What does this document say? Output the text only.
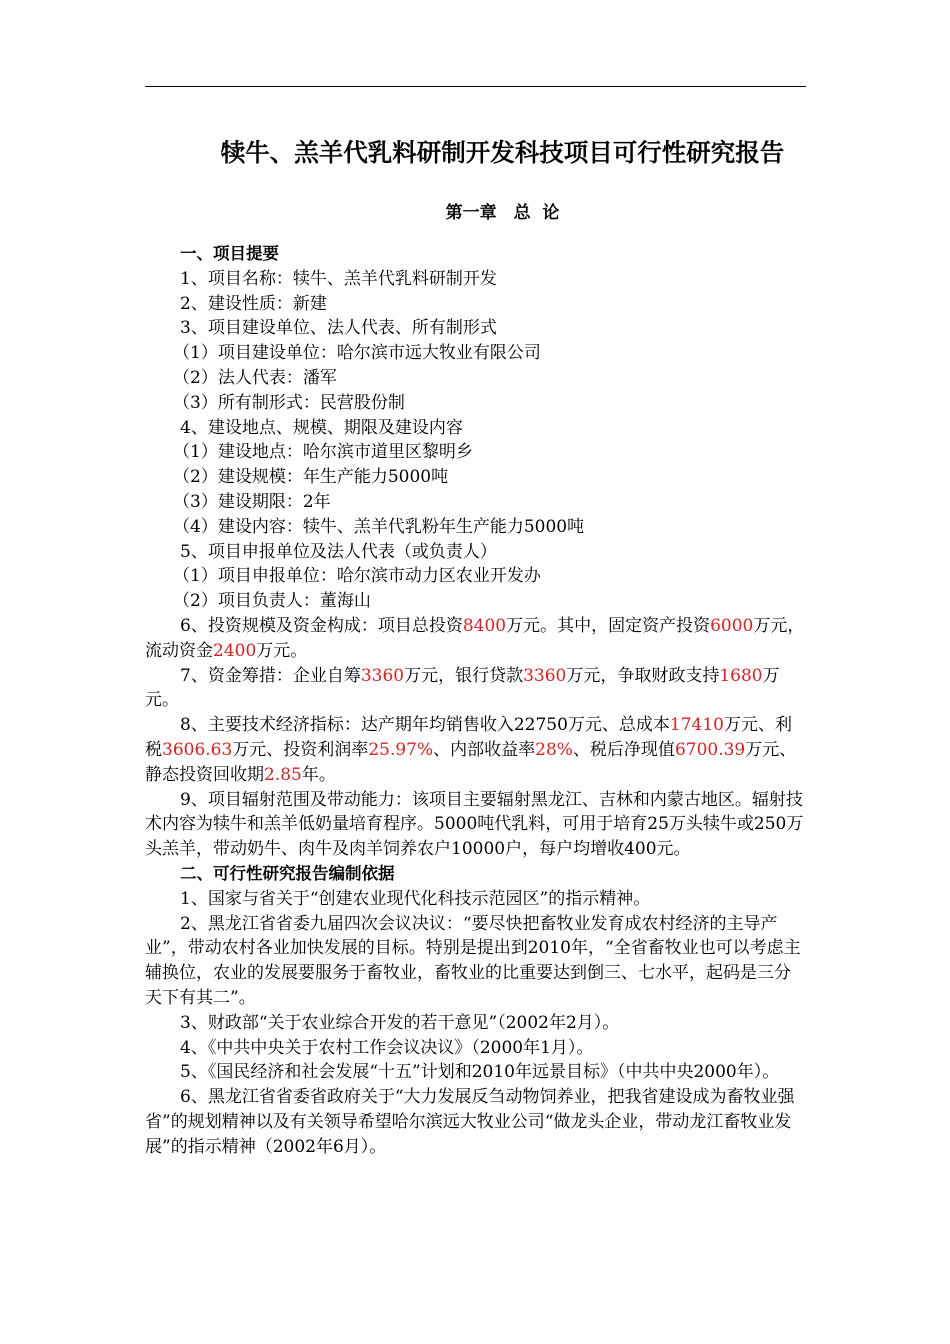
犊牛、羔羊代乳料研制开发科技项目可行性研究报告
第一章　总  论
一、项目提要
1、项目名称：犊牛、羔羊代乳料研制开发
2、建设性质：新建
3、项目建设单位、法人代表、所有制形式
（1）项目建设单位：哈尔滨市远大牧业有限公司
（2）法人代表：潘军
（3）所有制形式：民营股份制
4、建设地点、规模、期限及建设内容
（1）建设地点：哈尔滨市道里区黎明乡
（2）建设规模：年生产能力5000吨
（3）建设期限：2年
（4）建设内容：犊牛、羔羊代乳粉年生产能力5000吨
5、项目申报单位及法人代表（或负责人）
（1）项目申报单位：哈尔滨市动力区农业开发办
（2）项目负责人：董海山
6、投资规模及资金构成：项目总投资8400万元。其中，固定资产投资6000万元，流动资金2400万元。
7、资金筹措：企业自筹3360万元，银行贷款3360万元，争取财政支持1680万元。
8、主要技术经济指标：达产期年均销售收入22750万元、总成本17410万元、利税3606.63万元、投资利润率25.97%、内部收益率28%、税后净现值6700.39万元、静态投资回收期2.85年。
9、项目辐射范围及带动能力：该项目主要辐射黑龙江、吉林和内蒙古地区。辐射技术内容为犊牛和羔羊低奶量培育程序。5000吨代乳料，可用于培育25万头犊牛或250万头羔羊，带动奶牛、肉牛及肉羊饲养农户10000户，每户均增收400元。
二、可行性研究报告编制依据
1、国家与省关于“创建农业现代化科技示范园区”的指示精神。
2、黑龙江省省委九届四次会议决议：“要尽快把畜牧业发育成农村经济的主导产业”，带动农村各业加快发展的目标。特别是提出到2010年，“全省畜牧业也可以考虑主辅换位，农业的发展要服务于畜牧业，畜牧业的比重要达到倒三、七水平，起码是三分天下有其二”。
3、财政部“关于农业综合开发的若干意见”（2002年2月）。
4、《中共中央关于农村工作会议决议》（2000年1月）。
5、《国民经济和社会发展“十五”计划和2010年远景目标》（中共中央2000年）。
6、黑龙江省省委省政府关于“大力发展反刍动物饲养业，把我省建设成为畜牧业强省”的规划精神以及有关领导希望哈尔滨远大牧业公司“做龙头企业，带动龙江畜牧业发展”的指示精神（2002年6月）。
